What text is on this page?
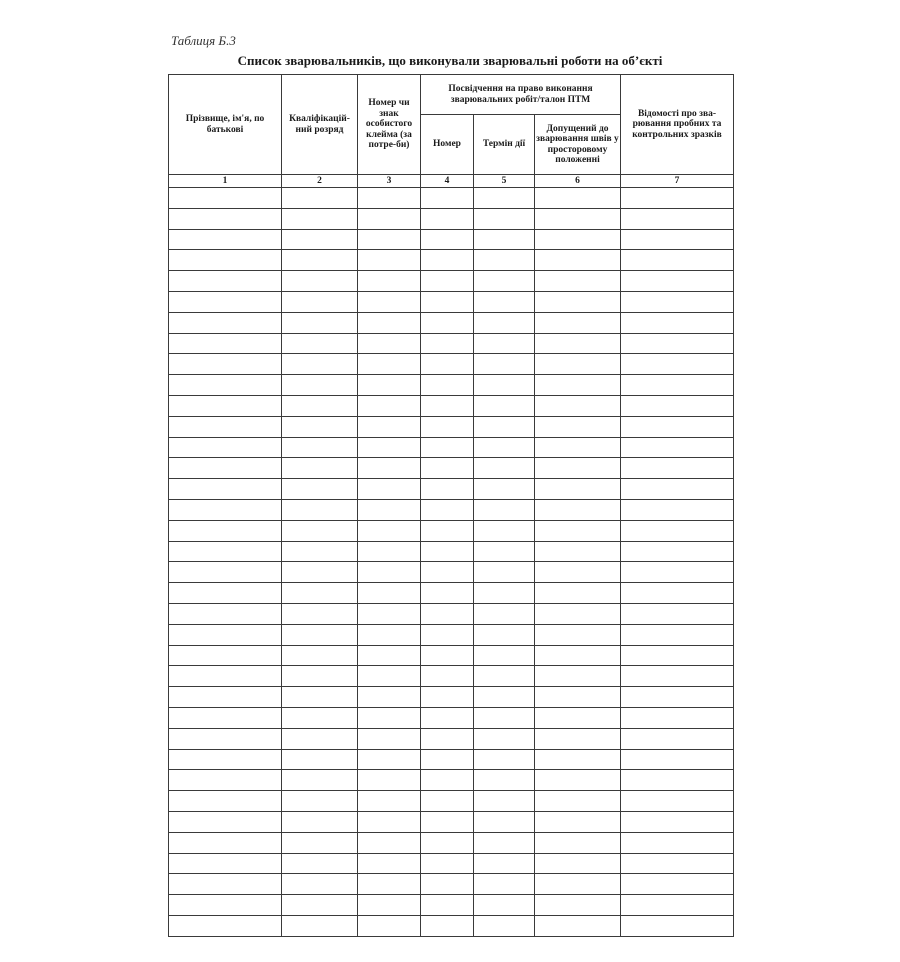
Таблиця Б.3
Список зварювальників, що виконували зварювальні роботи на об’єкті
Прізвище, ім'я, по батькові	Кваліфікацій-ний розряд	Номер чи знак особистого клейма (за потре-би)	Посвідчення на право виконання зварювальних робіт/талон ПТМ			Відомості про зва-рювання пробних та контрольних зразків
			Номер	Термін дії	Допущений до зварювання швів у просторовому положенні	
1	2	3	4	5	6	7
